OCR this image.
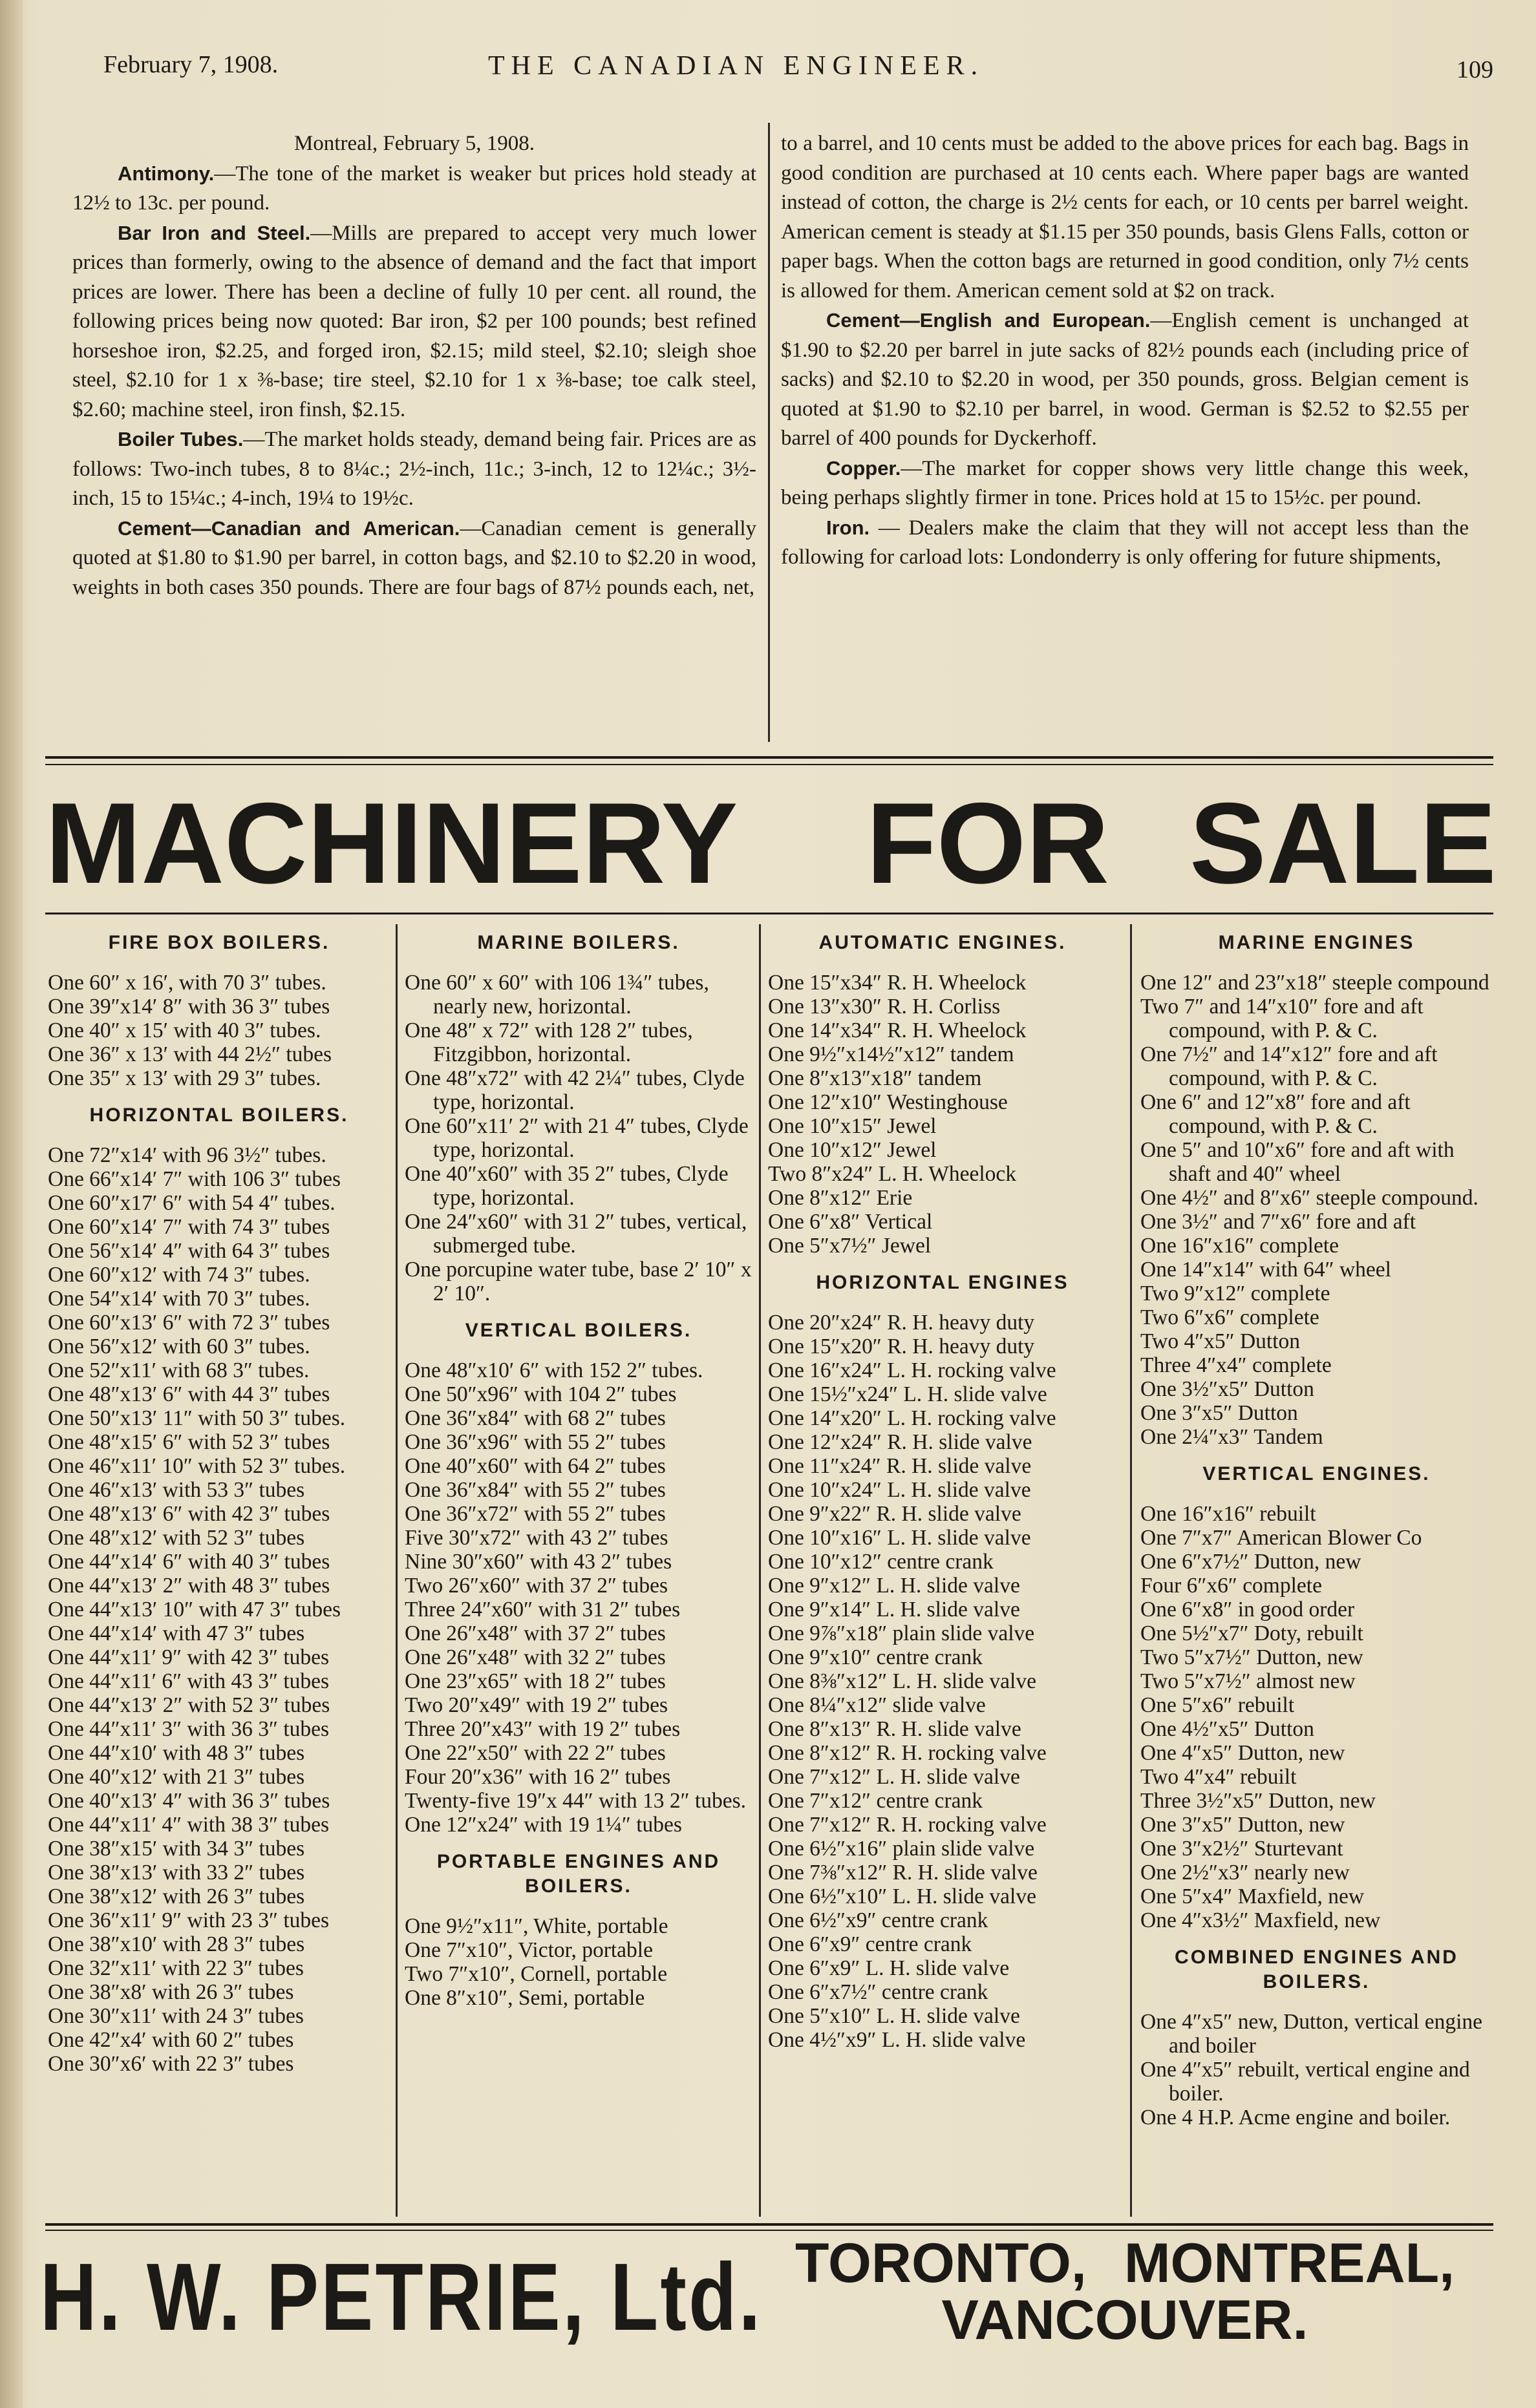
February 7, 1908.	THE CANADIAN ENGINEER.	109

Montreal, February 5, 1908.

Antimony.—The tone of the market is weaker but prices hold steady at 12½ to 13c. per pound.

Bar Iron and Steel.—Mills are prepared to accept very much lower prices than formerly, owing to the absence of demand and the fact that import prices are lower. There has been a decline of fully 10 per cent. all round, the following prices being now quoted: Bar iron, $2 per 100 pounds; best refined horseshoe iron, $2.25, and forged iron, $2.15; mild steel, $2.10; sleigh shoe steel, $2.10 for 1 x ⅜-base; tire steel, $2.10 for 1 x ⅜-base; toe calk steel, $2.60; machine steel, iron finsh, $2.15.

Boiler Tubes.—The market holds steady, demand being fair. Prices are as follows: Two-inch tubes, 8 to 8¼c.; 2½-inch, 11c.; 3-inch, 12 to 12¼c.; 3½-inch, 15 to 15¼c.; 4-inch, 19¼ to 19½c.

Cement—Canadian and American.—Canadian cement is generally quoted at $1.80 to $1.90 per barrel, in cotton bags, and $2.10 to $2.20 in wood, weights in both cases 350 pounds. There are four bags of 87½ pounds each, net,

to a barrel, and 10 cents must be added to the above prices for each bag. Bags in good condition are purchased at 10 cents each. Where paper bags are wanted instead of cotton, the charge is 2½ cents for each, or 10 cents per barrel weight. American cement is steady at $1.15 per 350 pounds, basis Glens Falls, cotton or paper bags. When the cotton bags are returned in good condition, only 7½ cents is allowed for them. American cement sold at $2 on track.

Cement—English and European.—English cement is unchanged at $1.90 to $2.20 per barrel in jute sacks of 82½ pounds each (including price of sacks) and $2.10 to $2.20 in wood, per 350 pounds, gross. Belgian cement is quoted at $1.90 to $2.10 per barrel, in wood. German is $2.52 to $2.55 per barrel of 400 pounds for Dyckerhoff.

Copper.—The market for copper shows very little change this week, being perhaps slightly firmer in tone. Prices hold at 15 to 15½c. per pound.

Iron. — Dealers make the claim that they will not accept less than the following for carload lots: Londonderry is only offering for future shipments,

MACHINERY FOR SALE
FIRE BOX BOILERS.

One 60″ x 16′, with 70 3″ tubes.

One 39″x14′ 8″ with 36 3″ tubes

One 40″ x 15′ with 40 3″ tubes.

One 36″ x 13′ with 44 2½″ tubes

One 35″ x 13′ with 29 3″ tubes.

HORIZONTAL BOILERS.

One 72″x14′ with 96 3½″ tubes.

One 66″x14′ 7″ with 106 3″ tubes

One 60″x17′ 6″ with 54 4″ tubes.

One 60″x14′ 7″ with 74 3″ tubes

One 56″x14′ 4″ with 64 3″ tubes

One 60″x12′ with 74 3″ tubes.

One 54″x14′ with 70 3″ tubes.

One 60″x13′ 6″ with 72 3″ tubes

One 56″x12′ with 60 3″ tubes.

One 52″x11′ with 68 3″ tubes.

One 48″x13′ 6″ with 44 3″ tubes

One 50″x13′ 11″ with 50 3″ tubes.

One 48″x15′ 6″ with 52 3″ tubes

One 46″x11′ 10″ with 52 3″ tubes.

One 46″x13′ with 53 3″ tubes

One 48″x13′ 6″ with 42 3″ tubes

One 48″x12′ with 52 3″ tubes

One 44″x14′ 6″ with 40 3″ tubes

One 44″x13′ 2″ with 48 3″ tubes

One 44″x13′ 10″ with 47 3″ tubes

One 44″x14′ with 47 3″ tubes

One 44″x11′ 9″ with 42 3″ tubes

One 44″x11′ 6″ with 43 3″ tubes

One 44″x13′ 2″ with 52 3″ tubes

One 44″x11′ 3″ with 36 3″ tubes

One 44″x10′ with 48 3″ tubes

One 40″x12′ with 21 3″ tubes

One 40″x13′ 4″ with 36 3″ tubes

One 44″x11′ 4″ with 38 3″ tubes

One 38″x15′ with 34 3″ tubes

One 38″x13′ with 33 2″ tubes

One 38″x12′ with 26 3″ tubes

One 36″x11′ 9″ with 23 3″ tubes

One 38″x10′ with 28 3″ tubes

One 32″x11′ with 22 3″ tubes

One 38″x8′ with 26 3″ tubes

One 30″x11′ with 24 3″ tubes

One 42″x4′ with 60 2″ tubes

One 30″x6′ with 22 3″ tubes

MARINE BOILERS.

One 60″ x 60″ with 106 1¾″ tubes, nearly new, horizontal.

One 48″ x 72″ with 128 2″ tubes, Fitzgibbon, horizontal.

One 48″x72″ with 42 2¼″ tubes, Clyde type, horizontal.

One 60″x11′ 2″ with 21 4″ tubes, Clyde type, horizontal.

One 40″x60″ with 35 2″ tubes, Clyde type, horizontal.

One 24″x60″ with 31 2″ tubes, vertical, submerged tube.

One porcupine water tube, base 2′ 10″ x 2′ 10″.

VERTICAL BOILERS.

One 48″x10′ 6″ with 152 2″ tubes.

One 50″x96″ with 104 2″ tubes

One 36″x84″ with 68 2″ tubes

One 36″x96″ with 55 2″ tubes

One 40″x60″ with 64 2″ tubes

One 36″x84″ with 55 2″ tubes

One 36″x72″ with 55 2″ tubes

Five 30″x72″ with 43 2″ tubes

Nine 30″x60″ with 43 2″ tubes

Two 26″x60″ with 37 2″ tubes

Three 24″x60″ with 31 2″ tubes

One 26″x48″ with 37 2″ tubes

One 26″x48″ with 32 2″ tubes

One 23″x65″ with 18 2″ tubes

Two 20″x49″ with 19 2″ tubes

Three 20″x43″ with 19 2″ tubes

One 22″x50″ with 22 2″ tubes

Four 20″x36″ with 16 2″ tubes

Twenty-five 19″x 44″ with 13 2″ tubes.

One 12″x24″ with 19 1¼″ tubes

PORTABLE ENGINES AND BOILERS.

One 9½″x11″, White, portable

One 7″x10″, Victor, portable

Two 7″x10″, Cornell, portable

One 8″x10″, Semi, portable

AUTOMATIC ENGINES.

One 15″x34″ R. H. Wheelock

One 13″x30″ R. H. Corliss

One 14″x34″ R. H. Wheelock

One 9½″x14½″x12″ tandem

One 8″x13″x18″ tandem

One 12″x10″ Westinghouse

One 10″x15″ Jewel

One 10″x12″ Jewel

Two 8″x24″ L. H. Wheelock

One 8″x12″ Erie

One 6″x8″ Vertical

One 5″x7½″ Jewel

HORIZONTAL ENGINES

One 20″x24″ R. H. heavy duty

One 15″x20″ R. H. heavy duty

One 16″x24″ L. H. rocking valve

One 15½″x24″ L. H. slide valve

One 14″x20″ L. H. rocking valve

One 12″x24″ R. H. slide valve

One 11″x24″ R. H. slide valve

One 10″x24″ L. H. slide valve

One 9″x22″ R. H. slide valve

One 10″x16″ L. H. slide valve

One 10″x12″ centre crank

One 9″x12″ L. H. slide valve

One 9″x14″ L. H. slide valve

One 9⅞″x18″ plain slide valve

One 9″x10″ centre crank

One 8⅜″x12″ L. H. slide valve

One 8¼″x12″ slide valve

One 8″x13″ R. H. slide valve

One 8″x12″ R. H. rocking valve

One 7″x12″ L. H. slide valve

One 7″x12″ centre crank

One 7″x12″ R. H. rocking valve

One 6½″x16″ plain slide valve

One 7⅜″x12″ R. H. slide valve

One 6½″x10″ L. H. slide valve

One 6½″x9″ centre crank

One 6″x9″ centre crank

One 6″x9″ L. H. slide valve

One 6″x7½″ centre crank

One 5″x10″ L. H. slide valve

One 4½″x9″ L. H. slide valve

MARINE ENGINES

One 12″ and 23″x18″ steeple compound

Two 7″ and 14″x10″ fore and aft compound, with P. & C.

One 7½″ and 14″x12″ fore and aft compound, with P. & C.

One 6″ and 12″x8″ fore and aft compound, with P. & C.

One 5″ and 10″x6″ fore and aft with shaft and 40″ wheel

One 4½″ and 8″x6″ steeple compound.

One 3½″ and 7″x6″ fore and aft

One 16″x16″ complete

One 14″x14″ with 64″ wheel

Two 9″x12″ complete

Two 6″x6″ complete

Two 4″x5″ Dutton

Three 4″x4″ complete

One 3½″x5″ Dutton

One 3″x5″ Dutton

One 2¼″x3″ Tandem

VERTICAL ENGINES.

One 16″x16″ rebuilt

One 7″x7″ American Blower Co

One 6″x7½″ Dutton, new

Four 6″x6″ complete

One 6″x8″ in good order

One 5½″x7″ Doty, rebuilt

Two 5″x7½″ Dutton, new

Two 5″x7½″ almost new

One 5″x6″ rebuilt

One 4½″x5″ Dutton

One 4″x5″ Dutton, new

Two 4″x4″ rebuilt

Three 3½″x5″ Dutton, new

One 3″x5″ Dutton, new

One 3″x2½″ Sturtevant

One 2½″x3″ nearly new

One 5″x4″ Maxfield, new

One 4″x3½″ Maxfield, new

COMBINED ENGINES AND BOILERS.

One 4″x5″ new, Dutton, vertical engine and boiler

One 4″x5″ rebuilt, vertical engine and boiler.

One 4 H.P. Acme engine and boiler.

H. W. PETRIE, Ltd. TORONTO, MONTREAL,
VANCOUVER.
